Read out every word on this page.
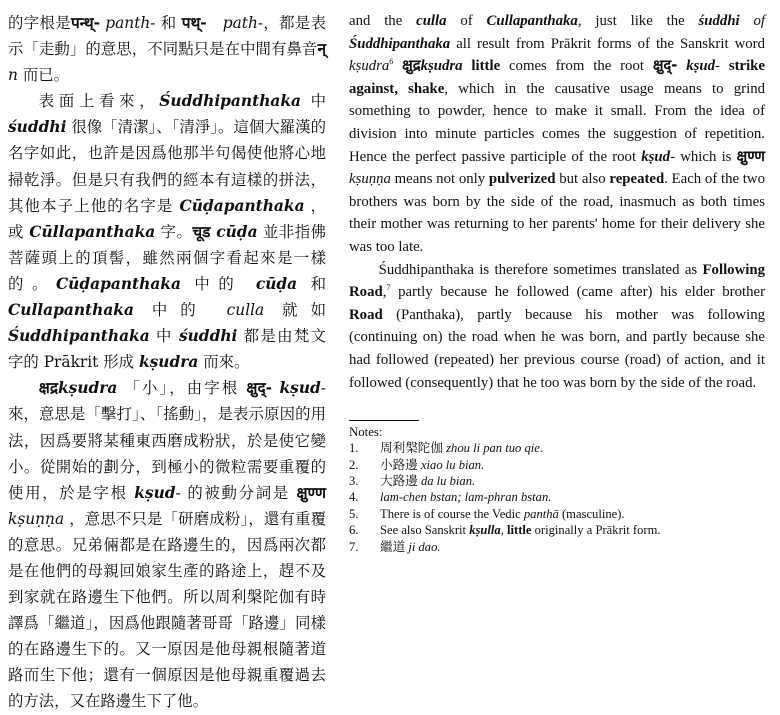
的字根是पन्थ्- panth- 和 पथ्-　path-，都是表示「走動」的意思，不同點只是在中間有鼻音न् n 而已。

表面上看來，Śuddhipanthaka 中 śuddhi 很像「清潔」、「清淨」。這個大羅漢的名字如此，也許是因爲他那半句偈使他將心地掃乾淨。但是只有我們的經本有這樣的拼法，其他本子上他的名字是 Cūḍapanthaka ，或 Cūllapanthaka 字。चूड cūḍa 並非指佛菩薩頭上的頂髻，雖然兩個字看起來是一樣的。Cūḍapanthaka 中的 cūḍa 和 Cullapanthaka 中的 culla 就如 Śuddhipanthaka 中 śuddhi 都是由梵文字的 Prākrit 形成 kṣudra 而來。

क्षद्रkṣudra 「小」，由字根 क्षुद्- kṣud- 來，意思是「擊打」、「搖動」，是表示原因的用法，因爲要將某種東西磨成粉狀，於是使它變小。從開始的劃分，到極小的微粒需要重覆的使用，於是字根 kṣud- 的被動分詞是 क्षुण्ण kṣuṇṇa ，意思不只是「研磨成粉」，還有重覆的意思。兄弟倆都是在路邊生的，因爲兩次都是在他們的母親回娘家生產的路途上，趕不及到家就在路邊生下他們。所以周利槃陀伽有時譯爲「繼道」，因爲他跟隨著哥哥「路邊」同樣的在路邊生下的。又一原因是他母親根隨著道路而生下他；還有一個原因是他母親重覆過去的方法，又在路邊生下了他。

and the culla of Cullapanthaka, just like the śuddhi of Śuddhipanthaka all result from Prākrit forms of the Sanskrit word kṣudra$^6$ क्षुद्रkṣudra little comes from the root क्षुद्- kṣud- strike against, shake, which in the causative usage means to grind something to powder, hence to make it small. From the idea of division into minute particles comes the suggestion of repetition. Hence the perfect passive participle of the root kṣud- which is क्षुण्ण kṣuṇṇa means not only pulverized but also repeated. Each of the two brothers was born by the side of the road, inasmuch as both times their mother was returning to her parents' home for their delivery she was too late.

Śuddhipanthaka is therefore sometimes translated as Following Road,$^7$ partly because he followed (came after) his elder brother Road (Panthaka), partly because his mother was following (continuing on) the road when he was born, and partly because she had followed (repeated) her previous course (road) of action, and it followed (consequently) that he too was born by the side of the road.

Notes:
1.	周利槃陀伽 zhou li pan tuo qie.
2.	小路邊 xiao lu bian.
3.	大路邊 da lu bian.
4.	lam-chen bstan; lam-phran bstan.
5.	There is of course the Vedic panthā (masculine).
6.	See also Sanskrit kṣulla, little originally a Prākrit form.
7.	繼道 ji dao.
